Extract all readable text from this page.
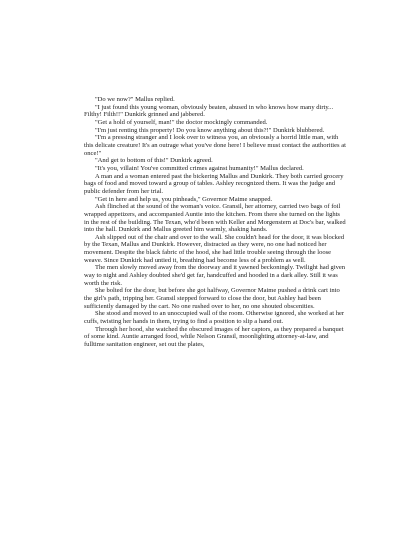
"Do we now?" Mallus replied.

"I just found this young woman, obviously beaten, abused in who knows how many dirty... Filthy! Filth!!" Dunkirk grinned and jabbered.

"Get a hold of yourself, man!" the doctor mockingly commanded.

"I'm just renting this property! Do you know anything about this?!" Dunkirk blubbered.

"I'm a pressing stranger and I look over to witness you, an obviously a horrid little man, with this delicate creature! It's an outrage what you've done here! I believe must contact the authorities at once!"

"And get to bottom of this!" Dunkirk agreed.

"It's you, villain! You've committed crimes against humanity!" Mallus declared.

A man and a woman entered past the bickering Mallus and Dunkirk. They both carried grocery bags of food and moved toward a group of tables. Ashley recognized them. It was the judge and public defender from her trial.

"Get in here and help us, you pinheads," Governor Maime snapped.

Ash flinched at the sound of the woman's voice. Gransil, her attorney, carried two bags of foil wrapped appetizers, and accompanied Auntie into the kitchen. From there she turned on the lights in the rest of the building. The Texan, who'd been with Keller and Morgenstern at Doc's bar, walked into the hall. Dunkirk and Mallus greeted him warmly, shaking hands.

Ash slipped out of the chair and over to the wall. She couldn't head for the door, it was blocked by the Texan, Mallus and Dunkirk. However, distracted as they were, no one had noticed her movement. Despite the black fabric of the hood, she had little trouble seeing through the loose weave. Since Dunkirk had untied it, breathing had become less of a problem as well.

The men slowly moved away from the doorway and it yawned beckoningly. Twilight had given way to night and Ashley doubted she'd get far, handcuffed and hooded in a dark alley. Still it was worth the risk.

She bolted for the door, but before she got halfway, Governor Maime pushed a drink cart into the girl's path, tripping her. Gransil stepped forward to close the door, but Ashley had been sufficiently damaged by the cart. No one rushed over to her, no one shouted obscenities.

She stood and moved to an unoccupied wall of the room. Otherwise ignored, she worked at her cuffs, twisting her hands in them, trying to find a position to slip a hand out.

Through her hood, she watched the obscured images of her captors, as they prepared a banquet of some kind. Auntie arranged food, while Nelson Gransil, moonlighting attorney-at-law, and fulltime sanitation engineer, set out the plates,
